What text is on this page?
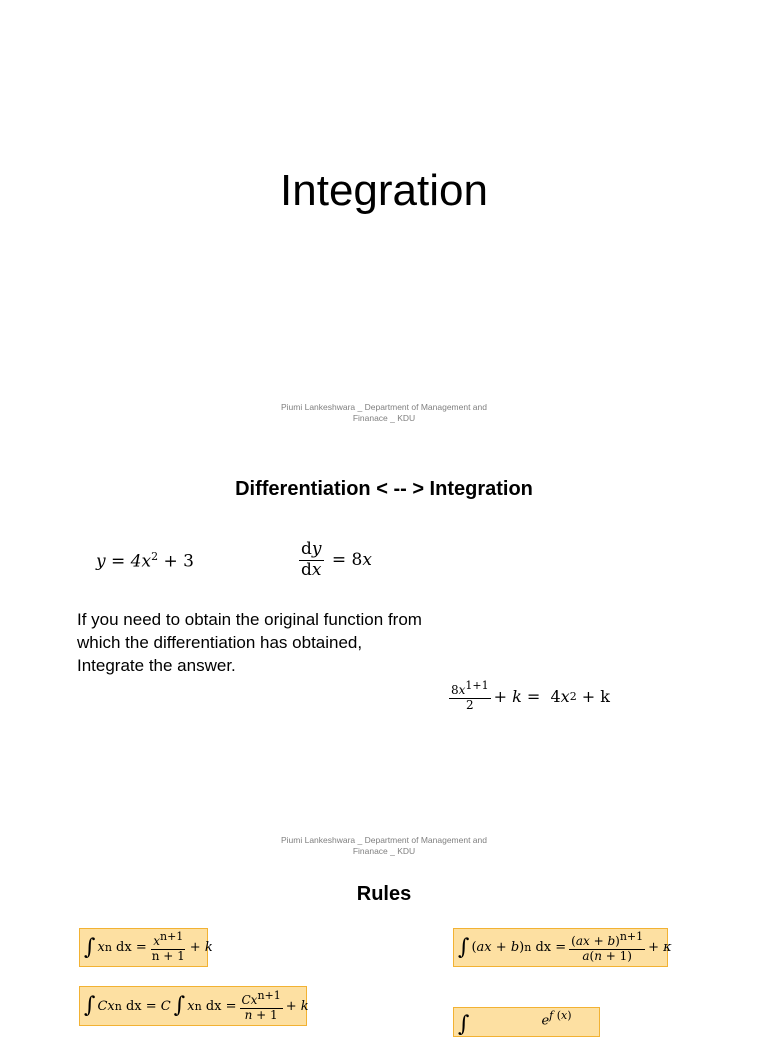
Integration
Piumi Lankeshwara _ Department of Management and
Finanace _ KDU
Differentiation < -- > Integration
$y = 4x^2 + 3$	$\frac{dy}{dx} = 8$ x
If you need to obtain the original function from
which the differentiation has obtained,
Integrate the answer.
$\frac{8x^{1+1}}{2} + k = 4$ x 2 + k
Piumi Lankeshwara _ Department of Management and
Finanace _ KDU
Rules
∫ x n
dx = $\frac{x^{n+1}}{n + 1} + k$	∫ ( ax + b ) n
dx = $\frac{(ax + b)^{n+1}}{a(n + 1)} + \kappa$
∫ Cx n
dx = C ∫ x n
dx = $\frac{Cx^{n+1}}{n + 1} + k$
∫	$e^{f (x)}$
